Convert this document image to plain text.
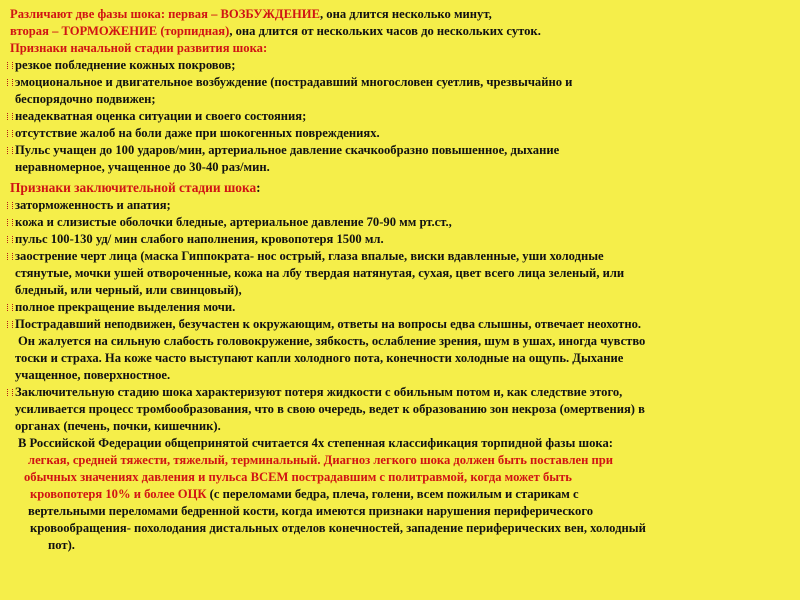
Различают две фазы шока: первая – ВОЗБУЖДЕНИЕ, она длится несколько минут,
вторая – ТОРМОЖЕНИЕ (торпидная), она длится от нескольких часов до нескольких суток.
Признаки начальной стадии развития шока:
резкое побледнение кожных покровов;
эмоциональное и двигательное возбуждение (пострадавший многословен суетлив, чрезвычайно и
беспорядочно подвижен;
неадекватная оценка ситуации и своего состояния;
отсутствие жалоб на боли даже при шокогенных повреждениях.
Пульс учащен до 100 ударов/мин, артериальное давление скачкообразно повышенное, дыхание
неравномерное, учащенное до 30-40 раз/мин.
Признаки заключительной стадии шока:
заторможенность и апатия;
кожа и слизистые оболочки бледные, артериальное давление 70-90 мм рт.ст.,
пульс 100-130 уд/ мин слабого наполнения, кровопотеря 1500 мл.
заострение черт лица (маска Гиппократа- нос острый, глаза впалые, виски вдавленные, уши холодные
стянутые, мочки ушей отвороченные, кожа на лбу твердая натянутая, сухая, цвет всего лица зеленый, или
бледный, или черный, или свинцовый),
полное прекращение выделения мочи.
Пострадавший неподвижен, безучастен к окружающим, ответы на вопросы едва слышны, отвечает неохотно.
Он жалуется на сильную слабость головокружение, зябкость, ослабление зрения, шум в ушах, иногда чувство
тоски и страха. На коже часто выступают капли холодного пота, конечности холодные на ощупь. Дыхание
учащенное, поверхностное.
Заключительную стадию шока характеризуют потеря жидкости с обильным потом и, как следствие этого,
усиливается процесс тромбообразования, что в свою очередь, ведет к образованию зон некроза (омертвения) в
органах (печень, почки, кишечник).
В Российской Федерации общепринятой считается 4х степенная классификация торпидной фазы шока:
легкая, средней тяжести, тяжелый, терминальный. Диагноз легкого шока должен быть поставлен при
обычных значениях давления и пульса ВСЕМ пострадавшим с политравмой, когда может быть
кровопотеря 10% и более ОЦК (с переломами бедра, плеча, голени, всем пожилым и старикам с
вертельными переломами бедренной кости, когда имеются признаки нарушения периферического
кровообращения- похолодания дистальных отделов конечностей, западение периферических вен, холодный
пот).
